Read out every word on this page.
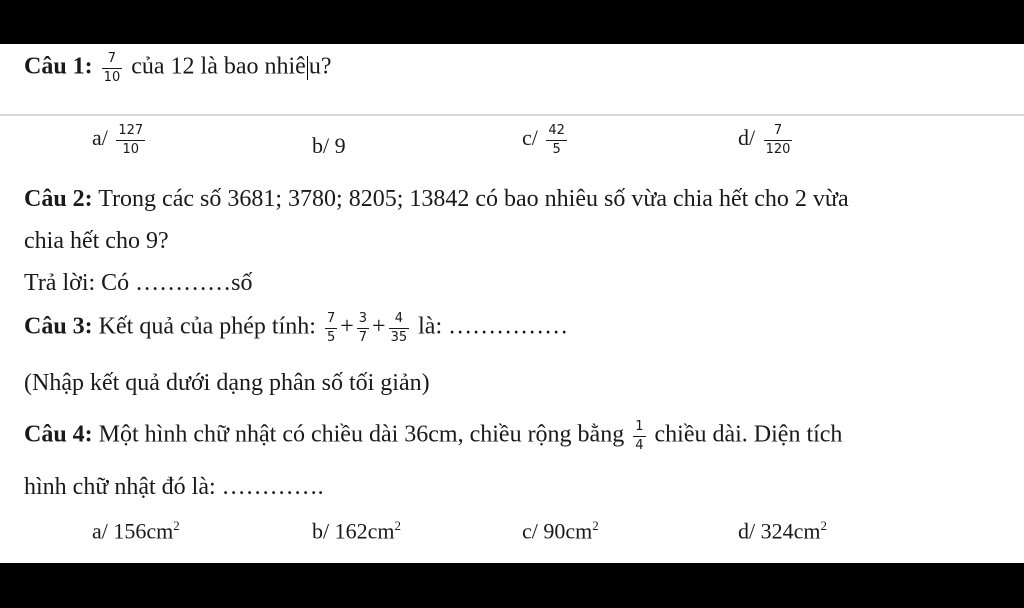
Câu 1: $\frac{7}{10}$ của 12 là bao nhiê u?
$a/ \frac{127}{10}$	b/ 9	$c/ \frac{42}{5}$	$d/ \frac{7}{120}$
Câu 2: Trong các số 3681; 3780; 8205; 13842 có bao nhiêu số vừa chia hết cho 2 vừa
chia hết cho 9?
Trả lời: Có …………số
Câu 3: Kết quả của phép tính: $\frac{7}{5} + \frac{3}{7} + \frac{4}{35}$ là: ……………
(Nhập kết quả dưới dạng phân số tối giản)
Câu 4: Một hình chữ nhật có chiều dài 36cm, chiều rộng bằng $\frac{1}{4}$ chiều dài. Diện tích
hình chữ nhật đó là: ………….
a/ $156cm^2$	b/ $162cm^2$	c/ $90cm^2$	d/ $324cm^2$
